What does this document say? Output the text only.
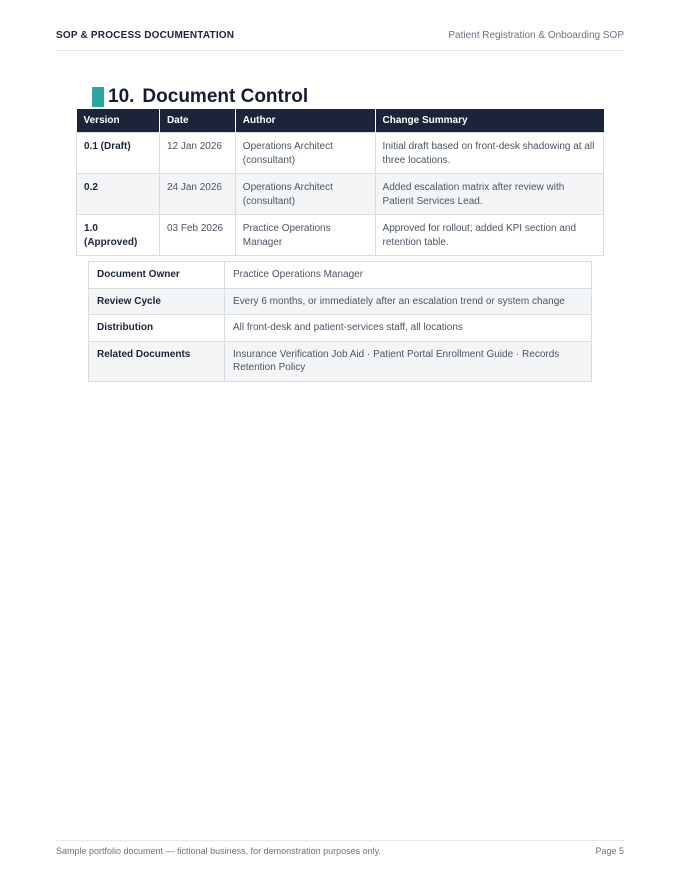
SOP & PROCESS DOCUMENTATION	Patient Registration & Onboarding SOP
10. Document Control
Version	Date	Author	Change Summary
0.1 (Draft)	12 Jan 2026	Operations Architect (consultant)	Initial draft based on front-desk shadowing at all three locations.
0.2	24 Jan 2026	Operations Architect (consultant)	Added escalation matrix after review with Patient Services Lead.
1.0 (Approved)	03 Feb 2026	Practice Operations Manager	Approved for rollout; added KPI section and retention table.
Document Owner	Practice Operations Manager
Review Cycle	Every 6 months, or immediately after an escalation trend or system change
Distribution	All front-desk and patient-services staff, all locations
Related Documents	Insurance Verification Job Aid · Patient Portal Enrollment Guide · Records Retention Policy
Sample portfolio document — fictional business, for demonstration purposes only.	Page 5
